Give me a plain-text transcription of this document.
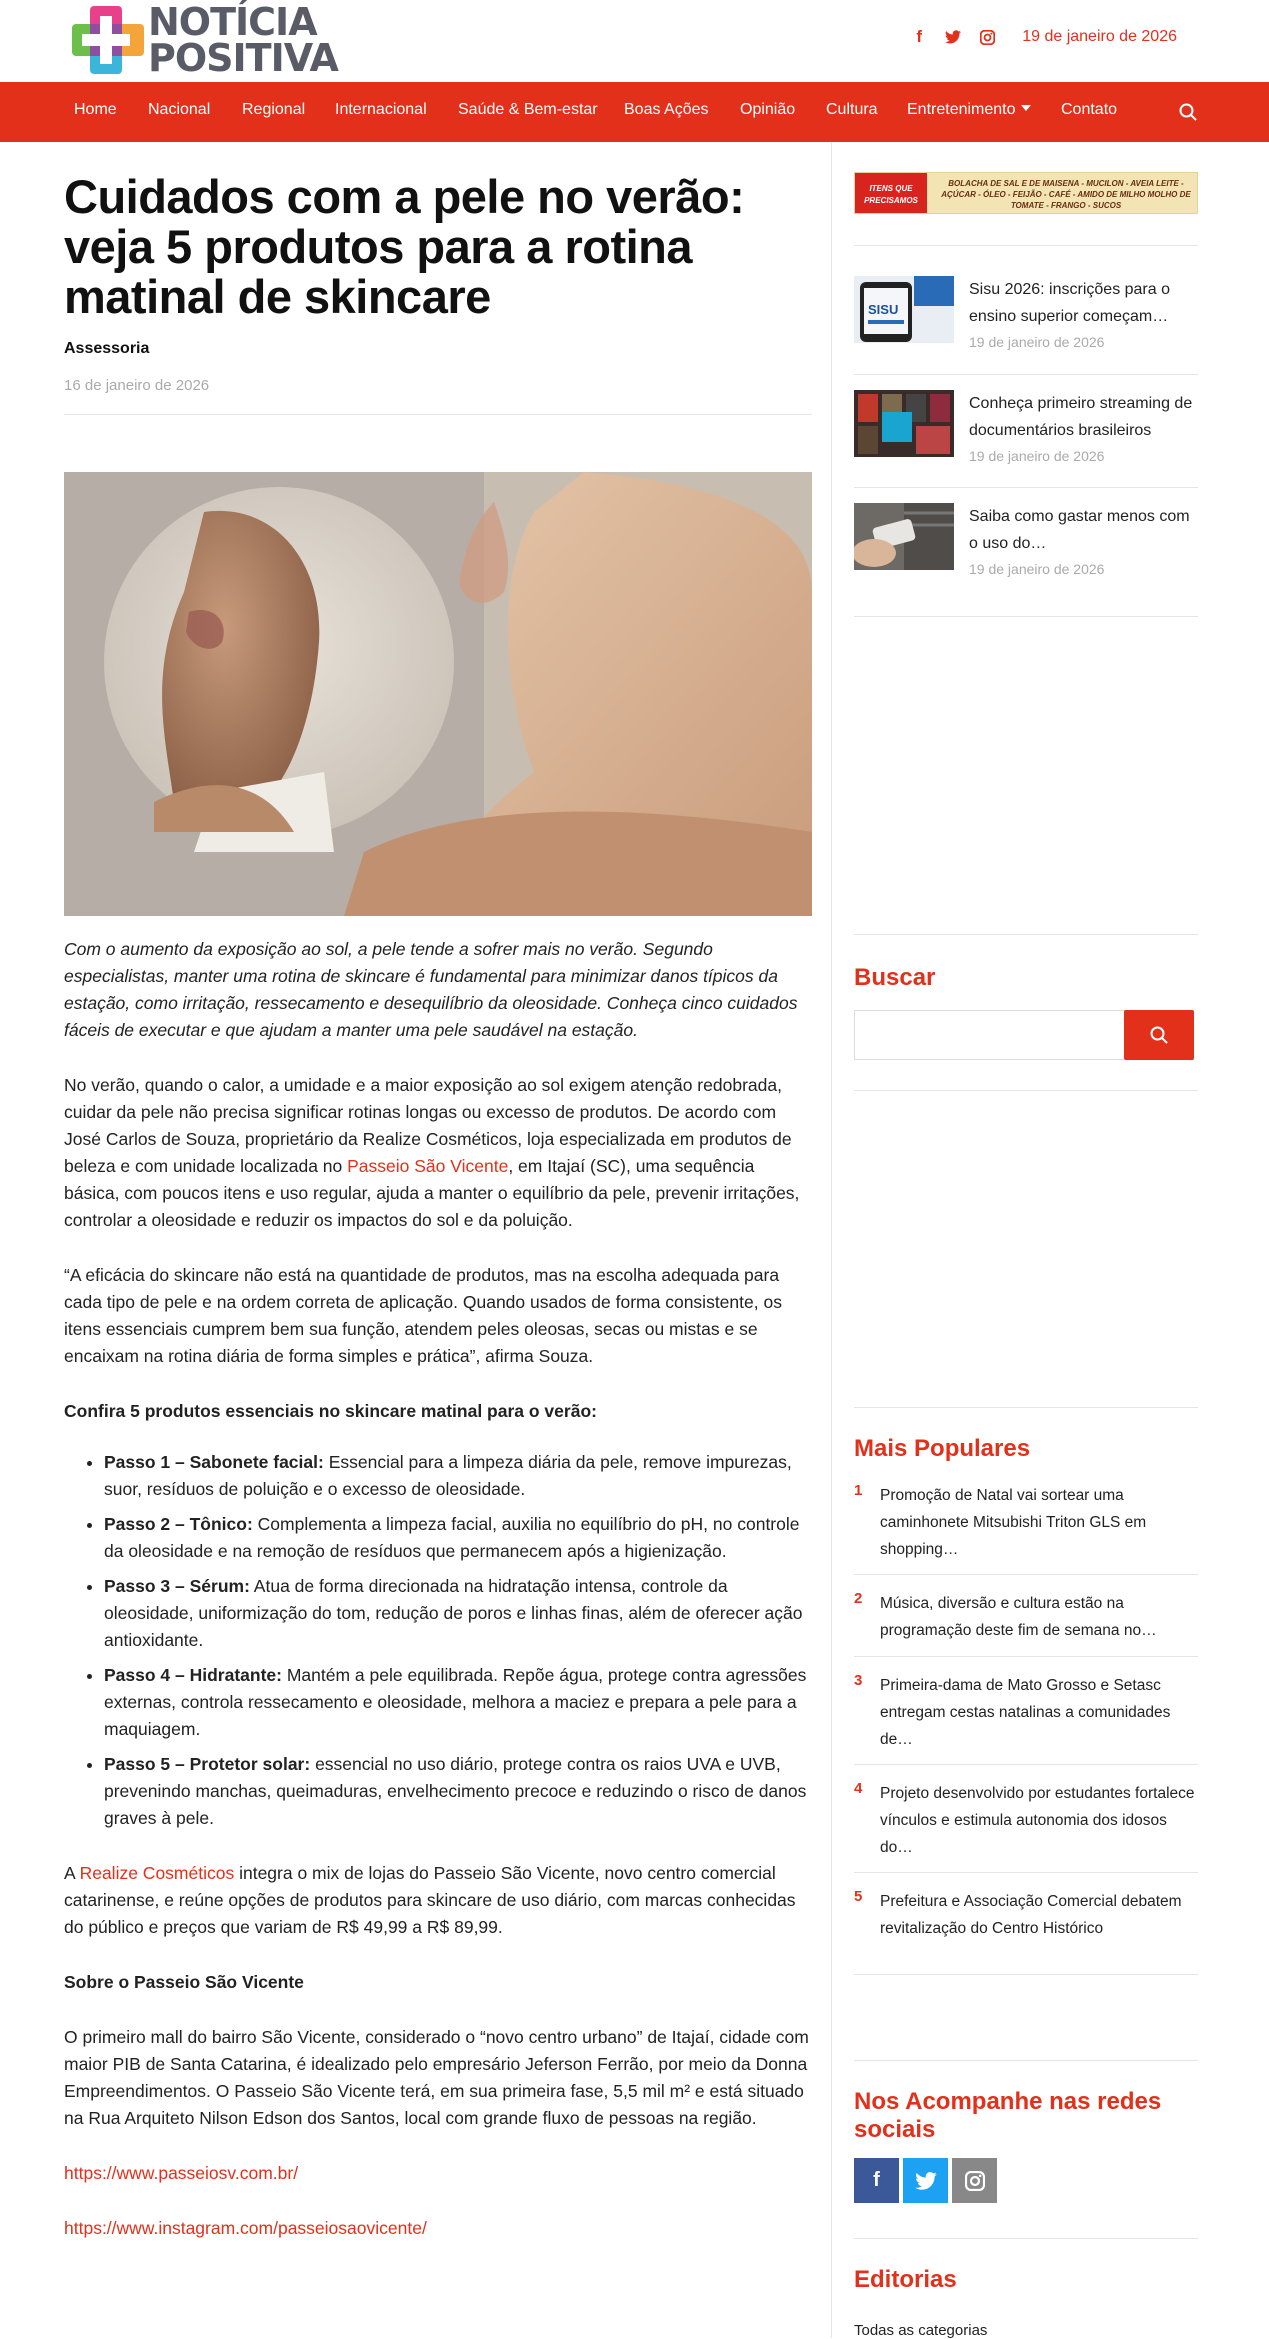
NOTÍCIA
POSITIVA	f	19 de janeiro de 2026
Home Nacional Regional Internacional Saúde & Bem-estar Boas Ações Opinião Cultura Entretenimento	Contato
Cuidados com a pele no verão: veja 5 produtos para a rotina matinal de skincare
Assessoria
16 de janeiro de 2026

Com o aumento da exposição ao sol, a pele tende a sofrer mais no verão. Segundo especialistas, manter uma rotina de skincare é fundamental para minimizar danos típicos da estação, como irritação, ressecamento e desequilíbrio da oleosidade. Conheça cinco cuidados fáceis de executar e que ajudam a manter uma pele saudável na estação.

No verão, quando o calor, a umidade e a maior exposição ao sol exigem atenção redobrada, cuidar da pele não precisa significar rotinas longas ou excesso de produtos. De acordo com José Carlos de Souza, proprietário da Realize Cosméticos, loja especializada em produtos de beleza e com unidade localizada no Passeio São Vicente, em Itajaí (SC), uma sequência básica, com poucos itens e uso regular, ajuda a manter o equilíbrio da pele, prevenir irritações, controlar a oleosidade e reduzir os impactos do sol e da poluição.

“A eficácia do skincare não está na quantidade de produtos, mas na escolha adequada para cada tipo de pele e na ordem correta de aplicação. Quando usados de forma consistente, os itens essenciais cumprem bem sua função, atendem peles oleosas, secas ou mistas e se encaixam na rotina diária de forma simples e prática”, afirma Souza.

Confira 5 produtos essenciais no skincare matinal para o verão:

• Passo 1 – Sabonete facial: Essencial para a limpeza diária da pele, remove impurezas, suor, resíduos de poluição e o excesso de oleosidade.
• Passo 2 – Tônico: Complementa a limpeza facial, auxilia no equilíbrio do pH, no controle da oleosidade e na remoção de resíduos que permanecem após a higienização.
• Passo 3 – Sérum: Atua de forma direcionada na hidratação intensa, controle da oleosidade, uniformização do tom, redução de poros e linhas finas, além de oferecer ação antioxidante.
• Passo 4 – Hidratante: Mantém a pele equilibrada. Repõe água, protege contra agressões externas, controla ressecamento e oleosidade, melhora a maciez e prepara a pele para a maquiagem.
• Passo 5 – Protetor solar: essencial no uso diário, protege contra os raios UVA e UVB, prevenindo manchas, queimaduras, envelhecimento precoce e reduzindo o risco de danos graves à pele.

A Realize Cosméticos integra o mix de lojas do Passeio São Vicente, novo centro comercial catarinense, e reúne opções de produtos para skincare de uso diário, com marcas conhecidas do público e preços que variam de R$ 49,99 a R$ 89,99.

Sobre o Passeio São Vicente

O primeiro mall do bairro São Vicente, considerado o “novo centro urbano” de Itajaí, cidade com maior PIB de Santa Catarina, é idealizado pelo empresário Jeferson Ferrão, por meio da Donna Empreendimentos. O Passeio São Vicente terá, em sua primeira fase, 5,5 mil m² e está situado na Rua Arquiteto Nilson Edson dos Santos, local com grande fluxo de pessoas na região.

https://www.passeiosv.com.br/
https://www.instagram.com/passeiosaovicente/
ITENS QUE PRECISAMOS
BOLACHA DE SAL E DE MAISENA - MUCILON - AVEIA LEITE - AÇÚCAR - ÓLEO - FEIJÃO - CAFÉ - AMIDO DE MILHO MOLHO DE TOMATE - FRANGO - SUCOS
SISU
Sisu 2026: inscrições para o ensino superior começam…
19 de janeiro de 2026
Conheça primeiro streaming de documentários brasileiros
19 de janeiro de 2026
Saiba como gastar menos com o uso do…
19 de janeiro de 2026
Buscar
Mais Populares
1 Promoção de Natal vai sortear uma caminhonete Mitsubishi Triton GLS em shopping…
2 Música, diversão e cultura estão na programação deste fim de semana no…
3 Primeira-dama de Mato Grosso e Setasc entregam cestas natalinas a comunidades de…
4 Projeto desenvolvido por estudantes fortalece vínculos e estimula autonomia dos idosos do…
5 Prefeitura e Associação Comercial debatem revitalização do Centro Histórico
Nos Acompanhe nas redes sociais
f
Editorias
Todas as categorias
